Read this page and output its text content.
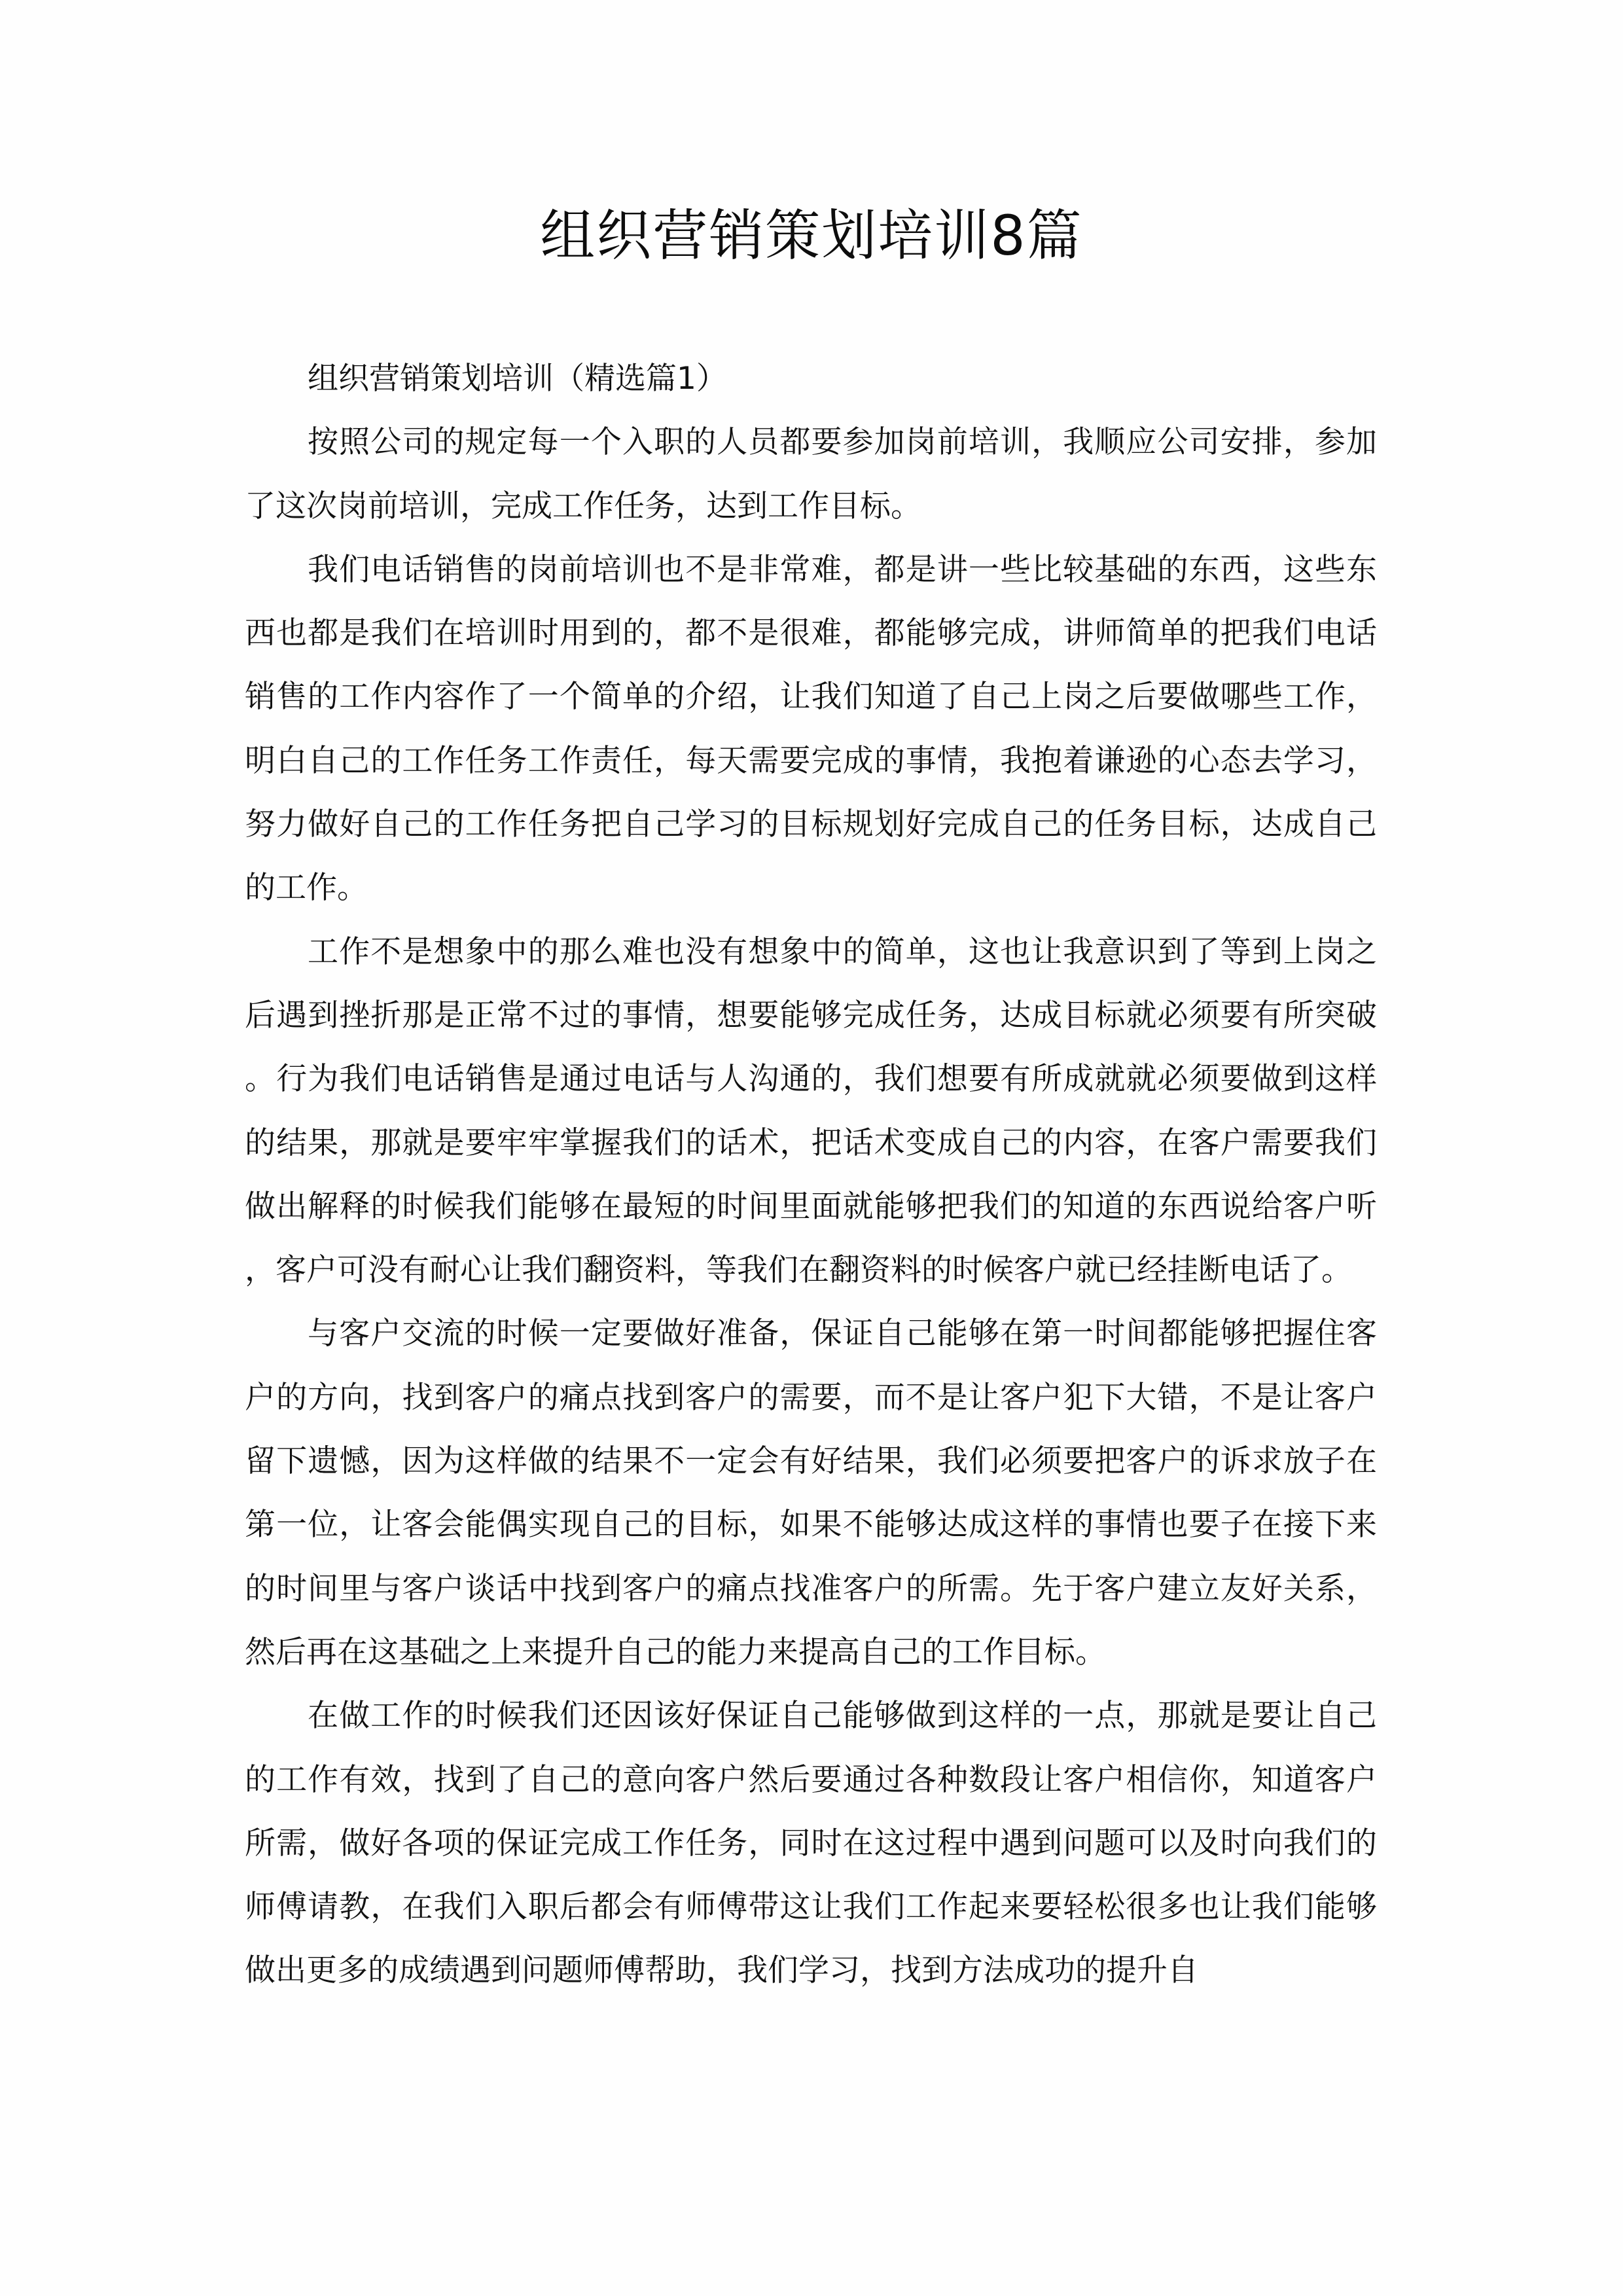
组织营销策划培训8篇

组织营销策划培训（精选篇1）

按照公司的规定每一个入职的人员都要参加岗前培训，我顺应公司安排，参加了这次岗前培训，完成工作任务，达到工作目标。

我们电话销售的岗前培训也不是非常难，都是讲一些比较基础的东西，这些东西也都是我们在培训时用到的，都不是很难，都能够完成，讲师简单的把我们电话销售的工作内容作了一个简单的介绍，让我们知道了自己上岗之后要做哪些工作，明白自己的工作任务工作责任，每天需要完成的事情，我抱着谦逊的心态去学习，努力做好自己的工作任务把自己学习的目标规划好完成自己的任务目标，达成自己的工作。

工作不是想象中的那么难也没有想象中的简单，这也让我意识到了等到上岗之后遇到挫折那是正常不过的事情，想要能够完成任务，达成目标就必须要有所突破。行为我们电话销售是通过电话与人沟通的，我们想要有所成就就必须要做到这样的结果，那就是要牢牢掌握我们的话术，把话术变成自己的内容，在客户需要我们做出解释的时候我们能够在最短的时间里面就能够把我们的知道的东西说给客户听，客户可没有耐心让我们翻资料，等我们在翻资料的时候客户就已经挂断电话了。

与客户交流的时候一定要做好准备，保证自己能够在第一时间都能够把握住客户的方向，找到客户的痛点找到客户的需要，而不是让客户犯下大错，不是让客户留下遗憾，因为这样做的结果不一定会有好结果，我们必须要把客户的诉求放子在第一位，让客会能偶实现自己的目标，如果不能够达成这样的事情也要子在接下来的时间里与客户谈话中找到客户的痛点找准客户的所需。先于客户建立友好关系，然后再在这基础之上来提升自己的能力来提高自己的工作目标。

在做工作的时候我们还因该好保证自己能够做到这样的一点，那就是要让自己的工作有效，找到了自己的意向客户然后要通过各种数段让客户相信你，知道客户所需，做好各项的保证完成工作任务，同时在这过程中遇到问题可以及时向我们的师傅请教，在我们入职后都会有师傅带这让我们工作起来要轻松很多也让我们能够做出更多的成绩遇到问题师傅帮助，我们学习，找到方法成功的提升自
